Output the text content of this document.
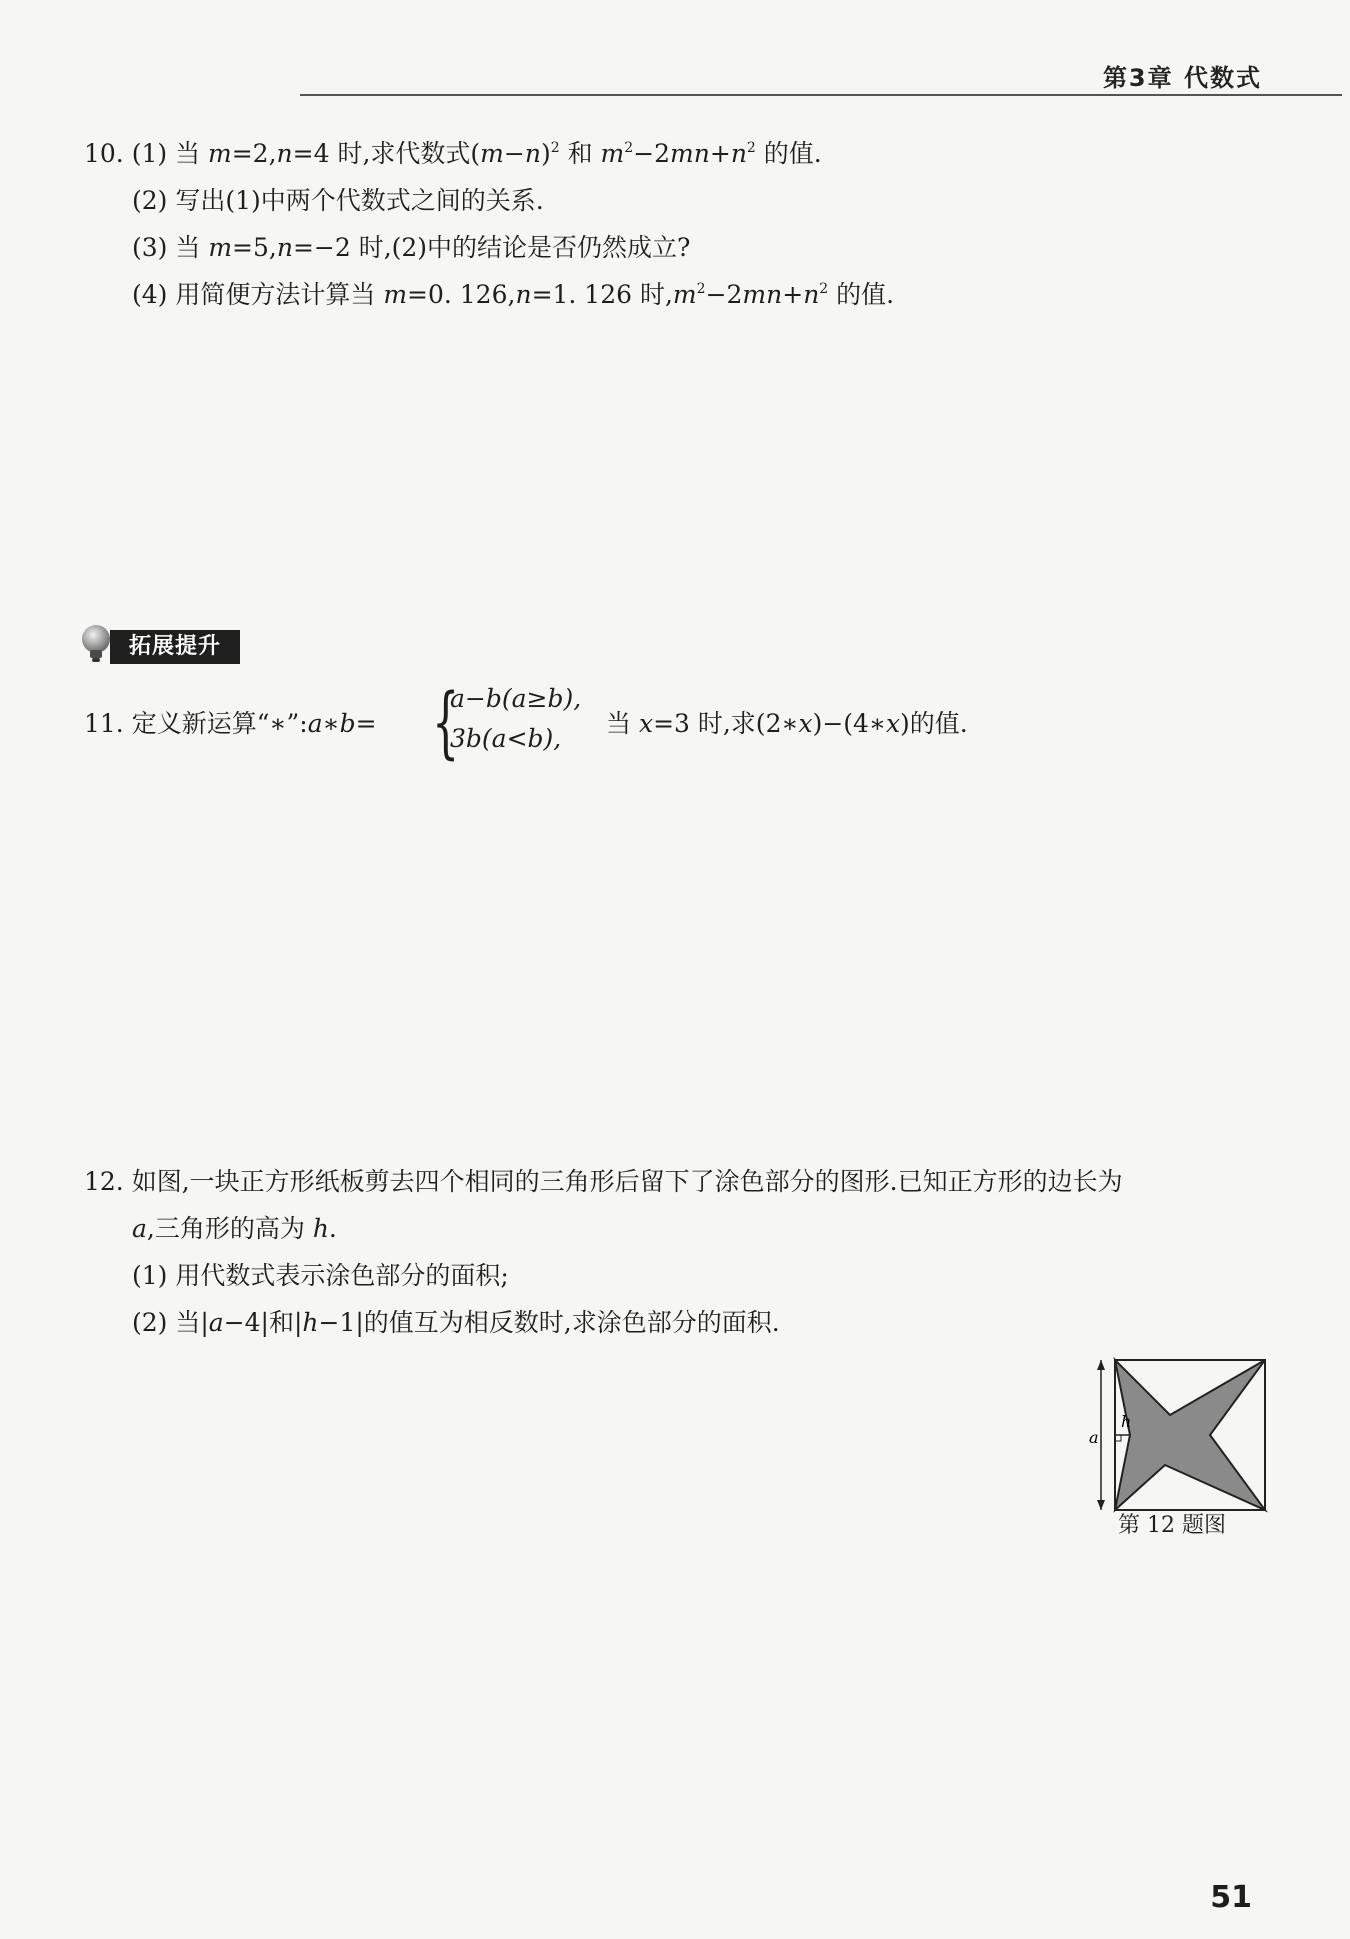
第3章 代数式
10. (1) 当 m=2,n=4 时,求代数式$(m-n)^2$ 和 $m^2-2mn+n^2$ 的值.
(2) 写出(1)中两个代数式之间的关系.
(3) 当 m=5,n=−2 时,(2)中的结论是否仍然成立?
(4) 用简便方法计算当 m=0. 126,n=1. 126 时$,m^2-2mn+n^2$ 的值.
拓展提升
11. 定义新运算“∗”:a∗b= {
a−b(a≥b),
3b(a<b),
当 x=3 时,求(2∗x)−(4∗x)的值.
12. 如图,一块正方形纸板剪去四个相同的三角形后留下了涂色部分的图形.已知正方形的边长为
a,三角形的高为 h.
(1) 用代数式表示涂色部分的面积;
(2) 当|a−4|和|h−1|的值互为相反数时,求涂色部分的面积.
a
h
第 12 题图
51
